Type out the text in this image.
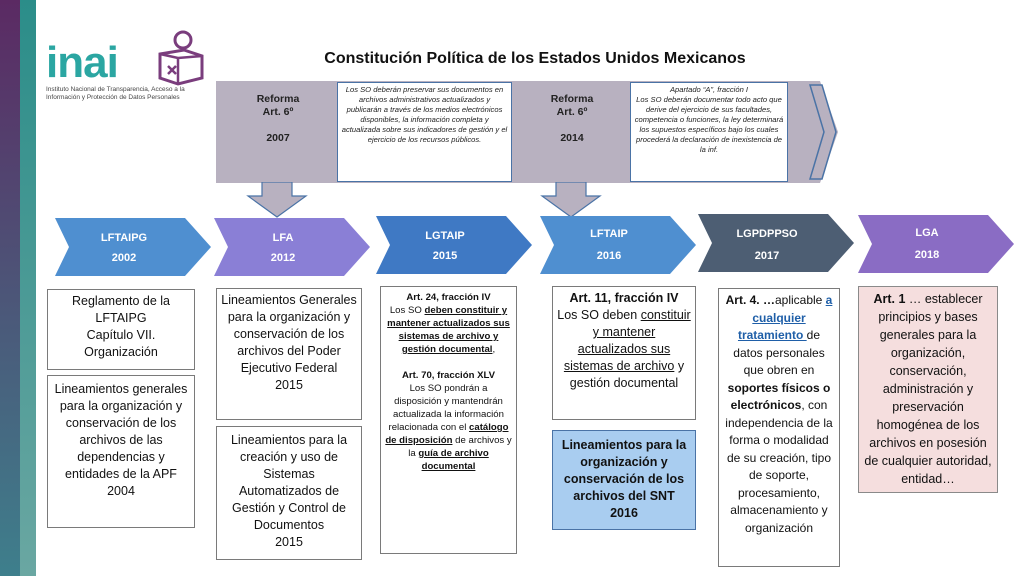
inai
Instituto Nacional de Transparencia, Acceso a la Información y Protección de Datos Personales
Constitución Política de los Estados Unidos Mexicanos
Reforma
Art. 6º

2007
Los SO deberán preservar sus documentos en archivos administrativos actualizados y publicarán a través de los medios electrónicos disponibles, la información completa y actualizada sobre sus indicadores de gestión y el ejercicio de los recursos públicos.
Reforma
Art. 6º

2014
Apartado “A”, fracción I
Los SO deberán documentar todo acto que derive del ejercicio de sus facultades, competencia o funciones, la ley determinará los supuestos específicos bajo los cuales procederá la declaración de inexistencia de la inf.
LFTAIPG
2002
LFA
2012
LGTAIP
2015
LFTAIP
2016
LGPDPPSO
2017
LGA
2018
Reglamento de la LFTAIPG
Capítulo VII.
Organización
Lineamientos generales para la organización y conservación de los archivos de las dependencias y entidades de la APF
2004
Lineamientos Generales para la organización y conservación de los archivos del Poder Ejecutivo Federal
2015
Lineamientos para la creación y uso de Sistemas Automatizados de Gestión y Control de Documentos
2015
Art. 24, fracción IV
Los SO deben constituir y mantener actualizados sus sistemas de archivo y gestión documental,

Art. 70, fracción XLV
Los SO pondrán a disposición y mantendrán actualizada la información relacionada con el catálogo de disposición de archivos y la guía de archivo documental
Art. 11, fracción IV
Los SO deben constituir y mantener actualizados sus sistemas de archivo y gestión documental
Lineamientos para la organización y conservación de los archivos del SNT
2016
Art. 4. …aplicable a cualquier tratamiento de datos personales que obren en soportes físicos o electrónicos, con independencia de la forma o modalidad de su creación, tipo de soporte, procesamiento, almacenamiento y organización
Art. 1 … establecer principios y bases generales para la organización, conservación, administración y preservación homogénea de los archivos en posesión de cualquier autoridad, entidad…
